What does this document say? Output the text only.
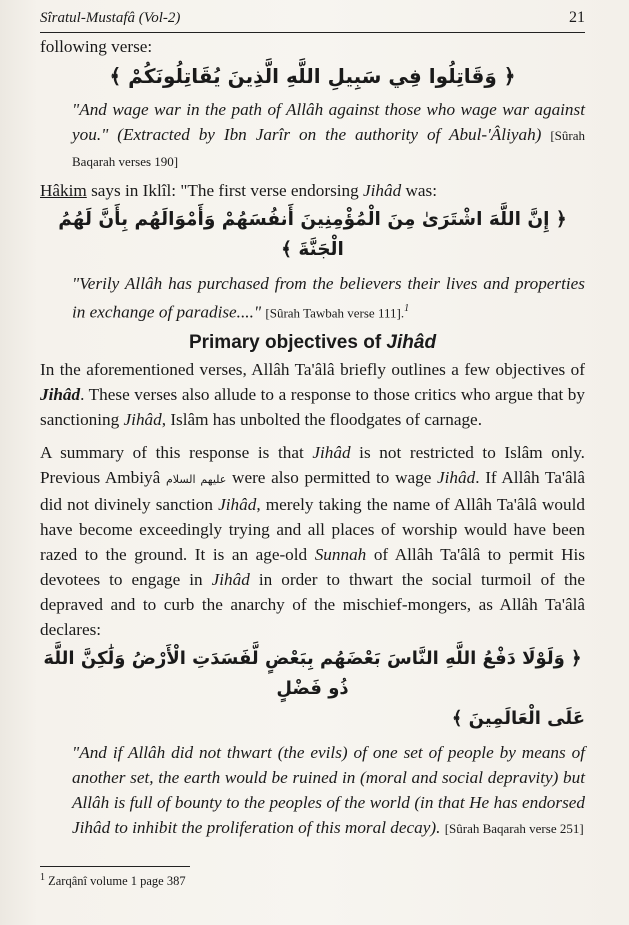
Sîratul-Mustafâ (Vol-2)	21

following verse:

﴿ وَقَاتِلُوا فِي سَبِيلِ اللَّهِ الَّذِينَ يُقَاتِلُونَكُمْ ﴾

"And wage war in the path of Allâh against those who wage war against you." (Extracted by Ibn Jarîr on the authority of Abul-'Âliyah) [Sûrah Baqarah verses 190]

Hâkim says in Iklîl: "The first verse endorsing Jihâd was:

﴿ إِنَّ اللَّهَ اشْتَرَىٰ مِنَ الْمُؤْمِنِينَ أَنفُسَهُمْ وَأَمْوَالَهُم بِأَنَّ لَهُمُ الْجَنَّةَ ﴾

"Verily Allâh has purchased from the believers their lives and properties in exchange of paradise...." [Sûrah Tawbah verse 111].$^1$

Primary objectives of Jihâd

In the aforementioned verses, Allâh Ta'âlâ briefly outlines a few objectives of Jihâd. These verses also allude to a response to those critics who argue that by sanctioning Jihâd, Islâm has unbolted the floodgates of carnage.

A summary of this response is that Jihâd is not restricted to Islâm only. Previous Ambiyâ عليهم السلام were also permitted to wage Jihâd. If Allâh Ta'âlâ did not divinely sanction Jihâd, merely taking the name of Allâh Ta'âlâ would have become exceedingly trying and all places of worship would have been razed to the ground. It is an age-old Sunnah of Allâh Ta'âlâ to permit His devotees to engage in Jihâd in order to thwart the social turmoil of the depraved and to curb the anarchy of the mischief-mongers, as Allâh Ta'âlâ declares:

﴿ وَلَوْلَا دَفْعُ اللَّهِ النَّاسَ بَعْضَهُم بِبَعْضٍ لَّفَسَدَتِ الْأَرْضُ وَلَٰكِنَّ اللَّهَ ذُو فَضْلٍ
عَلَى الْعَالَمِينَ ﴾

"And if Allâh did not thwart (the evils) of one set of people by means of another set, the earth would be ruined in (moral and social depravity) but Allâh is full of bounty to the peoples of the world (in that He has endorsed Jihâd to inhibit the proliferation of this moral decay). [Sûrah Baqarah verse 251]

$^1$ Zarqânî volume 1 page 387
